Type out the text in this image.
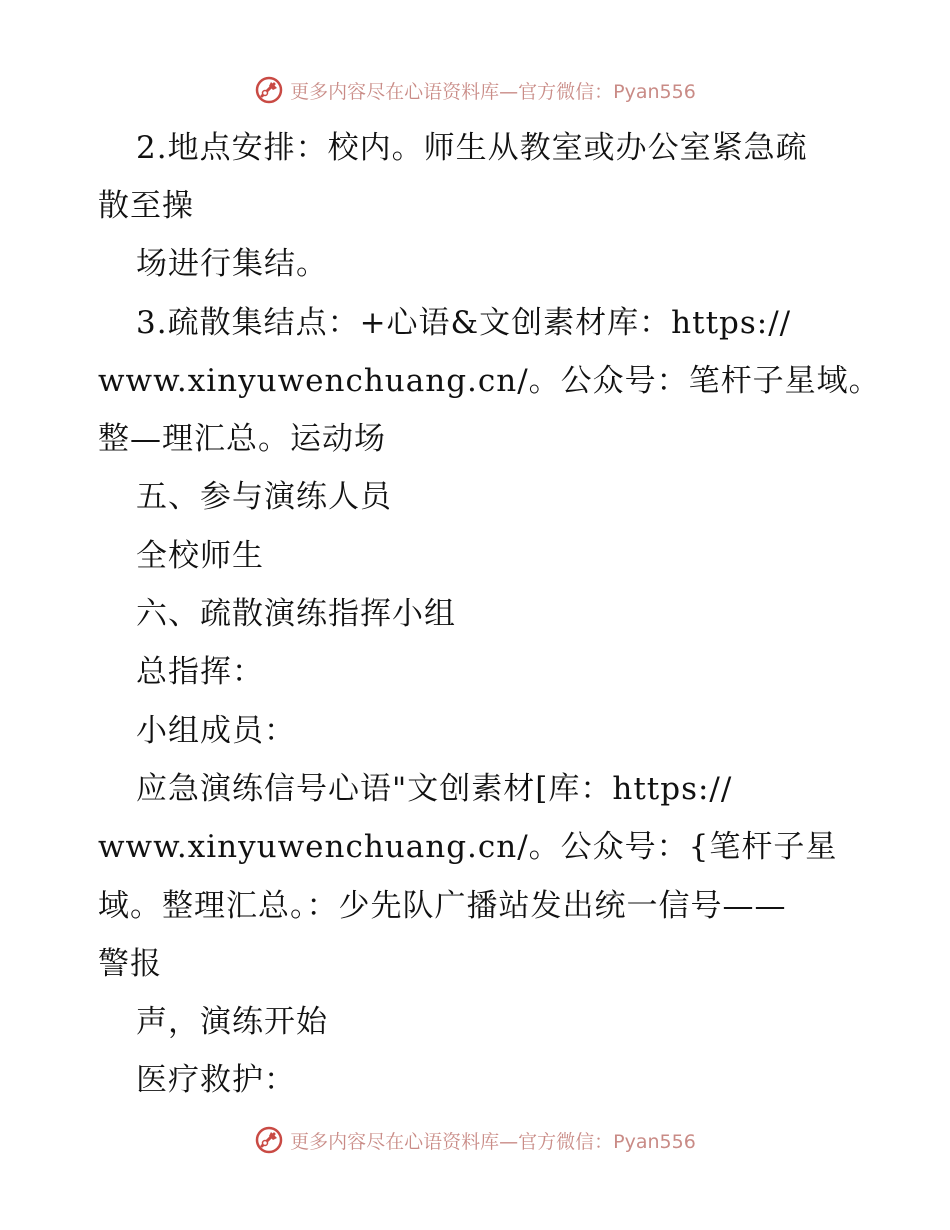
更多内容尽在心语资料库—官方微信：Pyan556
2.地点安排：校内。师生从教室或办公室紧急疏
散至操
场进行集结。
3.疏散集结点：+心语&文创素材库：https://
www.xinyuwenchuang.cn/。公众号：笔杆子星域。
整—理汇总。运动场
五、参与演练人员
全校师生
六、疏散演练指挥小组
总指挥：
小组成员：
应急演练信号心语"文创素材[库：https://
www.xinyuwenchuang.cn/。公众号：{笔杆子星
域。整理汇总。：少先队广播站发出统一信号——
警报
声，演练开始
医疗救护：
更多内容尽在心语资料库—官方微信：Pyan556
